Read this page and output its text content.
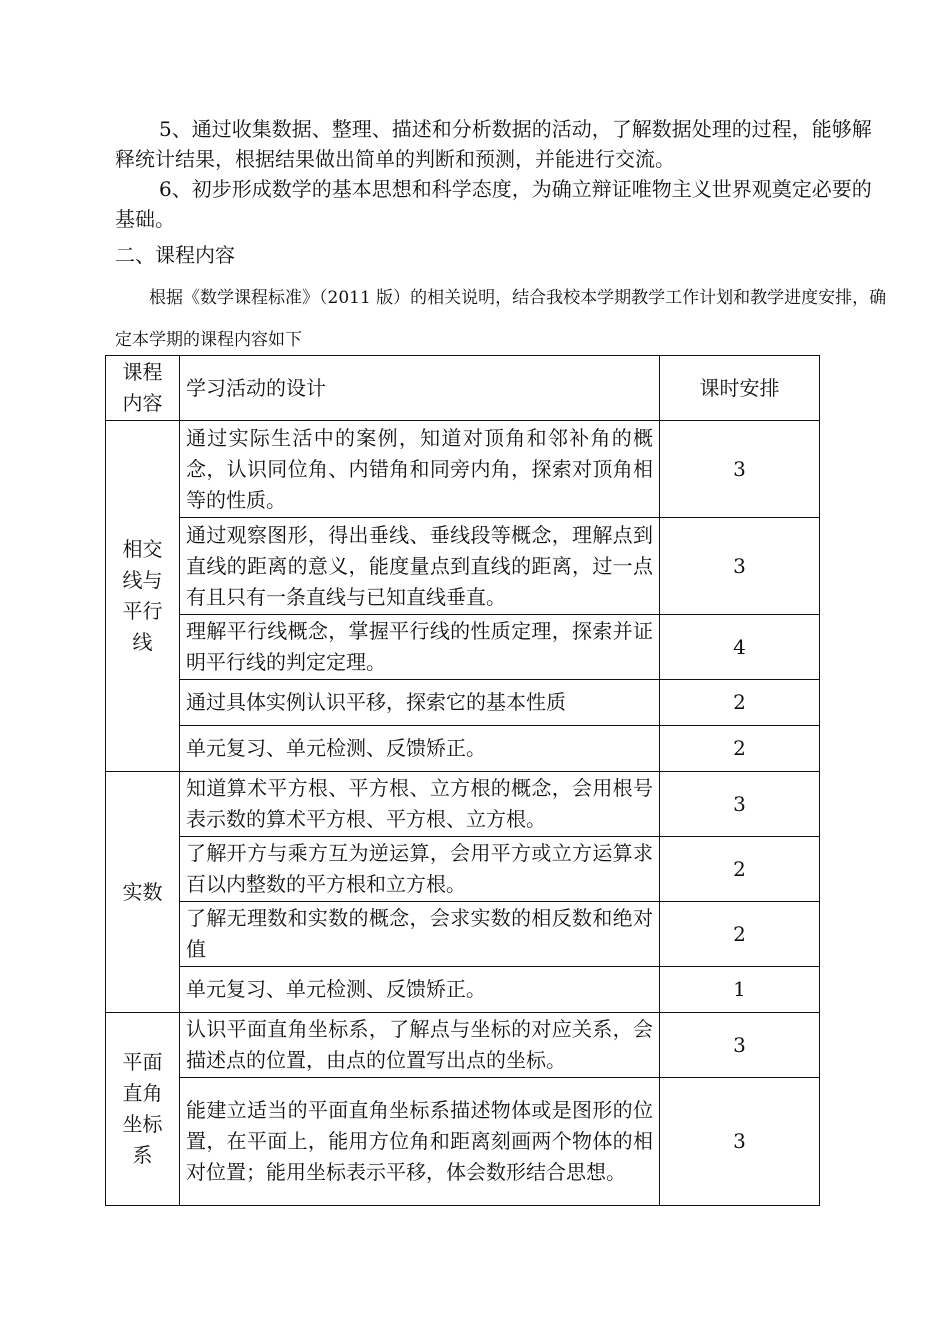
5、通过收集数据、整理、描述和分析数据的活动，了解数据处理的过程，能够解释统计结果，根据结果做出简单的判断和预测，并能进行交流。
6、初步形成数学的基本思想和科学态度，为确立辩证唯物主义世界观奠定必要的基础。
二、课程内容
根据《数学课程标准》（2011 版）的相关说明，结合我校本学期教学工作计划和教学进度安排，确定本学期的课程内容如下
课程内容	学习活动的设计	课时安排

相交线与平行线	通过实际生活中的案例，知道对顶角和邻补角的概念，认识同位角、内错角和同旁内角，探索对顶角相等的性质。	3
	通过观察图形，得出垂线、垂线段等概念，理解点到直线的距离的意义，能度量点到直线的距离，过一点有且只有一条直线与已知直线垂直。	3
	理解平行线概念，掌握平行线的性质定理，探索并证明平行线的判定定理。	4
	通过具体实例认识平移，探索它的基本性质	2
	单元复习、单元检测、反馈矫正。	2

实数	知道算术平方根、平方根、立方根的概念，会用根号表示数的算术平方根、平方根、立方根。	3
	了解开方与乘方互为逆运算，会用平方或立方运算求百以内整数的平方根和立方根。	2
	了解无理数和实数的概念，会求实数的相反数和绝对值	2
	单元复习、单元检测、反馈矫正。	1

平面直角坐标系	认识平面直角坐标系，了解点与坐标的对应关系，会描述点的位置，由点的位置写出点的坐标。	3
	能建立适当的平面直角坐标系描述物体或是图形的位置，在平面上，能用方位角和距离刻画两个物体的相对位置；能用坐标表示平移，体会数形结合思想。	3
